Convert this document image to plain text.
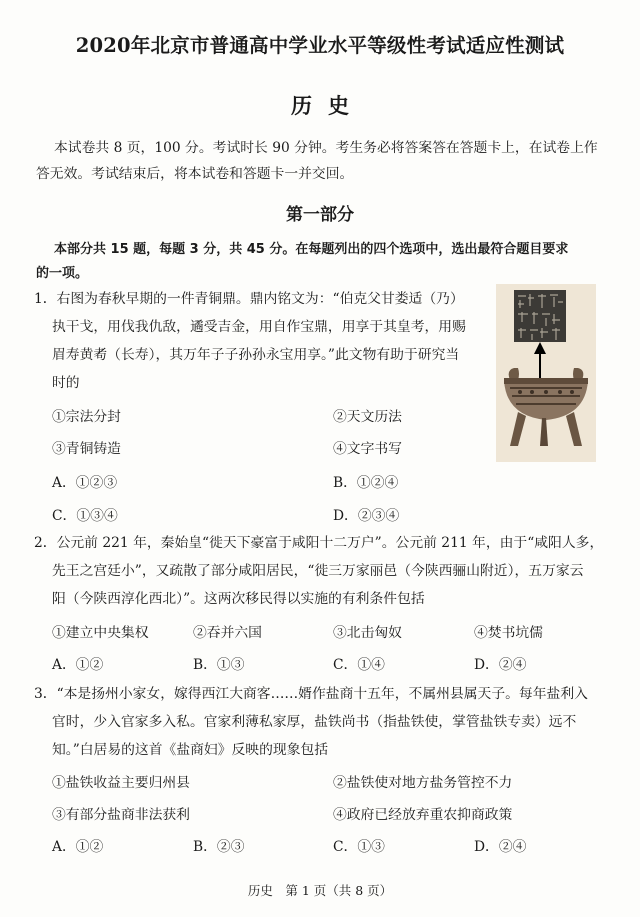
2020年北京市普通高中学业水平等级性考试适应性测试
历史
本试卷共 8 页，100 分。考试时长 90 分钟。考生务必将答案答在答题卡上，在试卷上作
答无效。考试结束后，将本试卷和答题卡一并交回。
第一部分
本部分共 15 题，每题 3 分，共 45 分。在每题列出的四个选项中，选出最符合题目要求
的一项。
1．右图为春秋早期的一件青铜鼎。鼎内铭文为：“伯克父甘娄适（乃）
执干戈，用伐我仇敌，遹受吉金，用自作宝鼎，用享于其皇考，用赐
眉寿黄耇（长寿），其万年子子孙孙永宝用享。”此文物有助于研究当
时的
①宗法分封	②天文历法
③青铜铸造	④文字书写
A．①②③	B．①②④
C．①③④	D．②③④
2．公元前 221 年，秦始皇“徙天下豪富于咸阳十二万户”。公元前 211 年，由于“咸阳人多，
先王之宫廷小”，又疏散了部分咸阳居民，“徙三万家丽邑（今陕西骊山附近），五万家云
阳（今陕西淳化西北）”。这两次移民得以实施的有利条件包括
①建立中央集权	②吞并六国	③北击匈奴	④焚书坑儒
A．①②	B．①③	C．①④	D．②④
3．“本是扬州小家女，嫁得西江大商客……婿作盐商十五年，不属州县属天子。每年盐利入
官时，少入官家多入私。官家利薄私家厚，盐铁尚书（指盐铁使，掌管盐铁专卖）远不
知。”白居易的这首《盐商妇》反映的现象包括
①盐铁收益主要归州县	②盐铁使对地方盐务管控不力
③有部分盐商非法获利	④政府已经放弃重农抑商政策
A．①②	B．②③	C．①③	D．②④
历史　第 1 页（共 8 页）
